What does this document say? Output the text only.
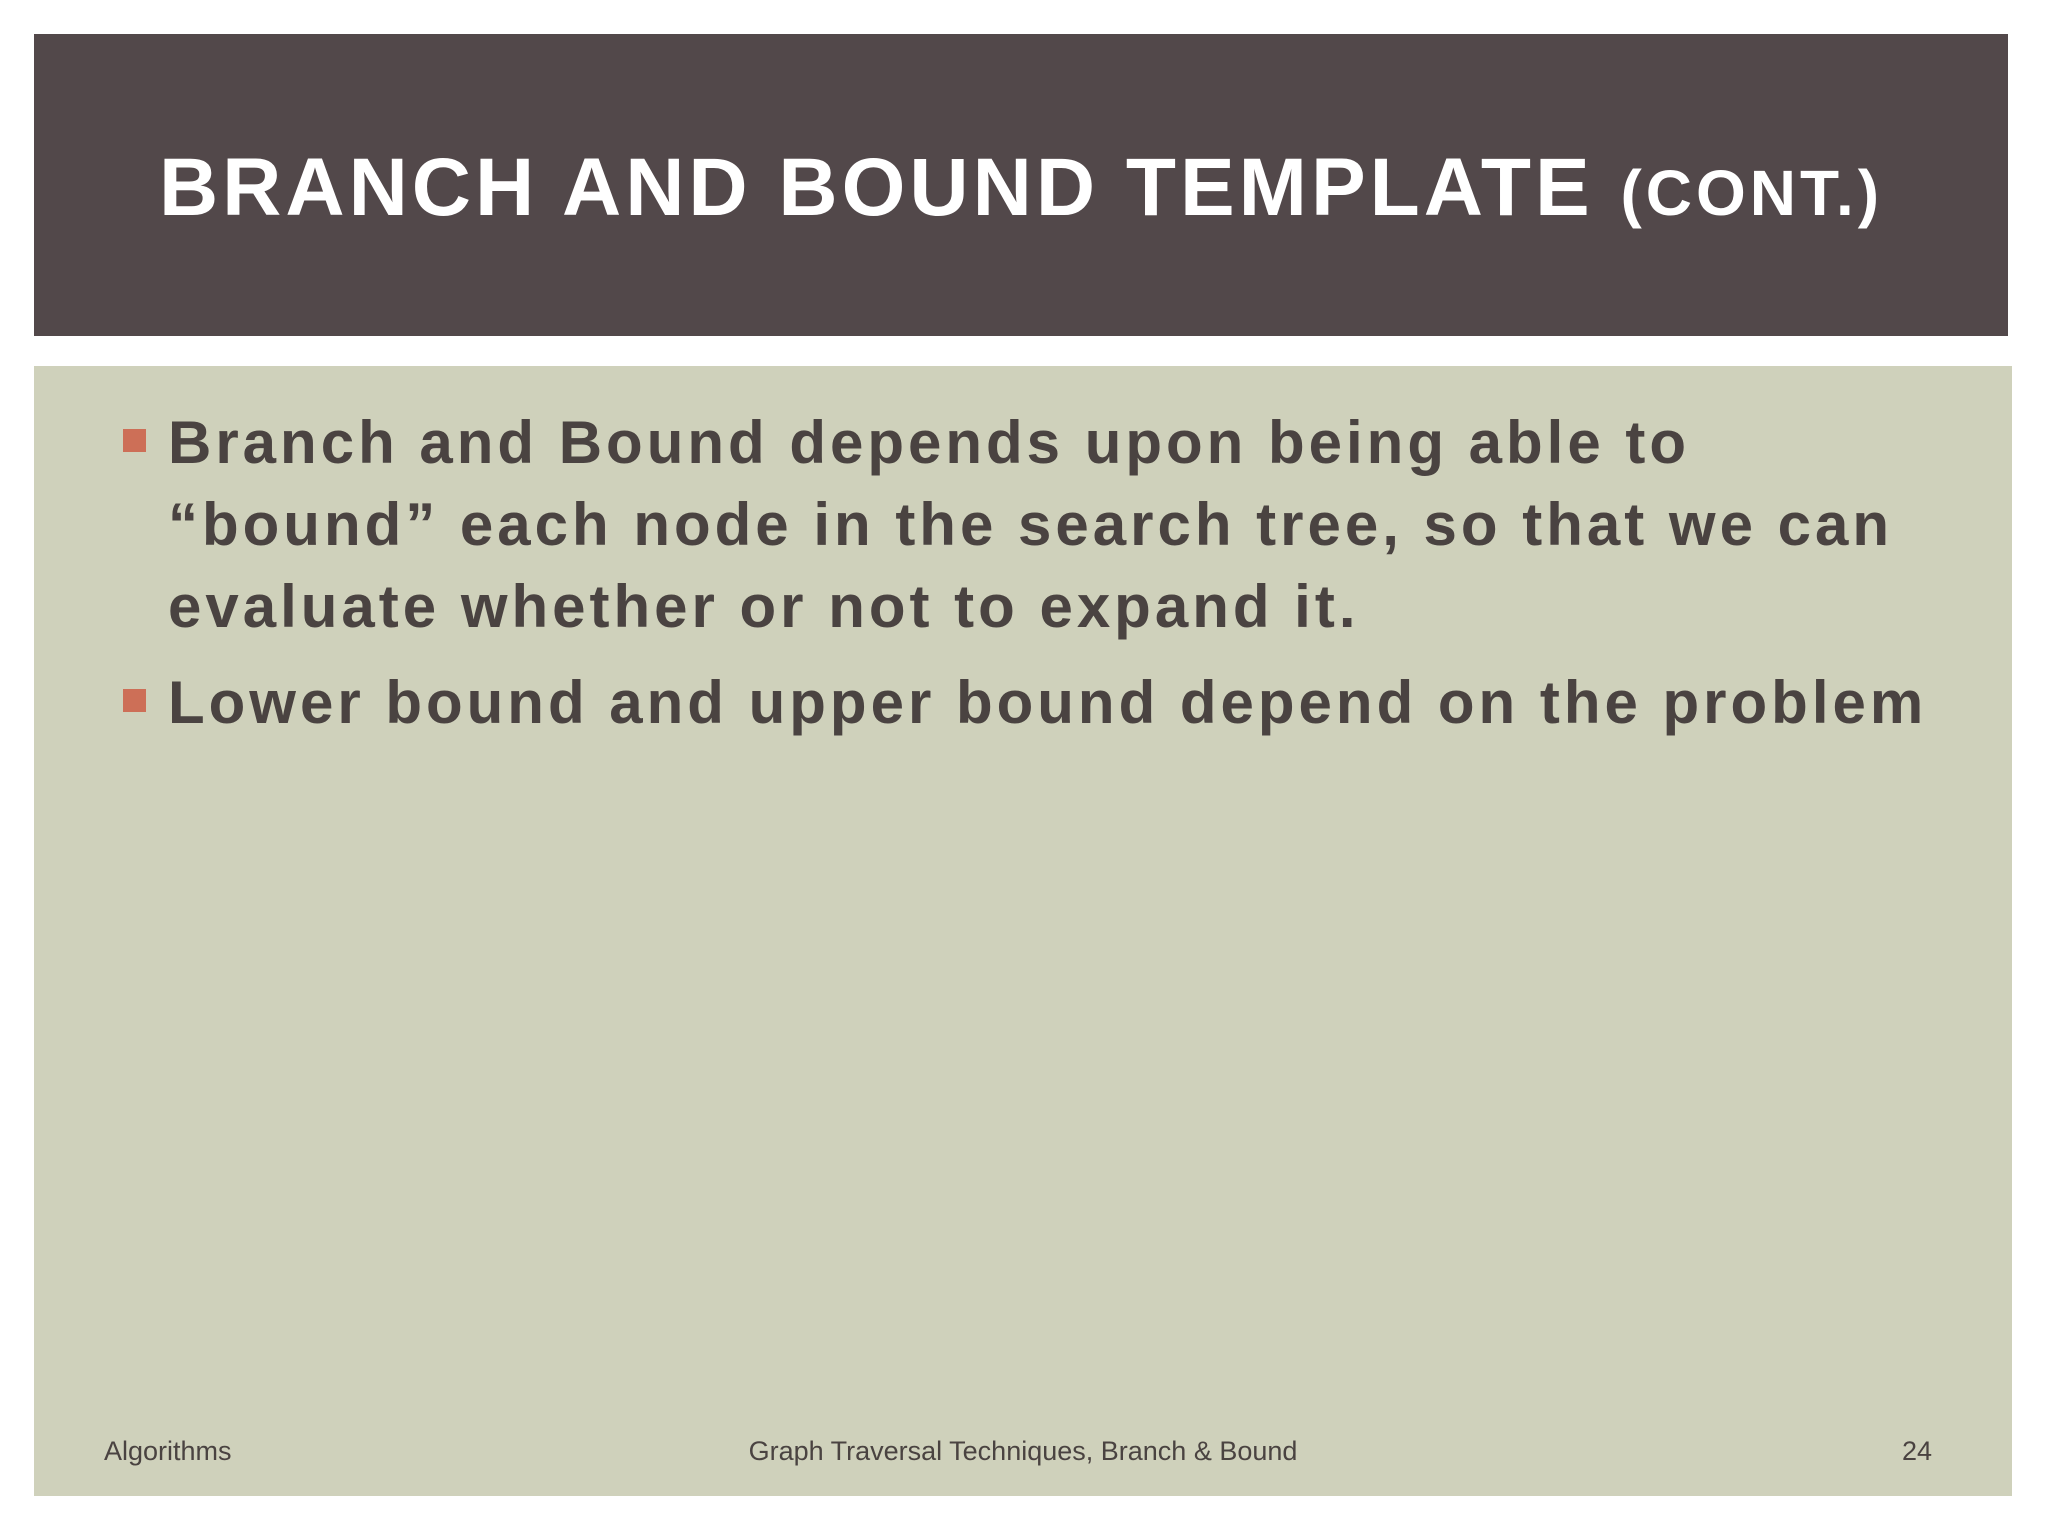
BRANCH AND BOUND TEMPLATE (CONT.)
Branch and Bound depends upon being able to “bound” each node in the search tree, so that we can evaluate whether or not to expand it.
Lower bound and upper bound depend on the problem
Algorithms	Graph Traversal Techniques, Branch & Bound	24
